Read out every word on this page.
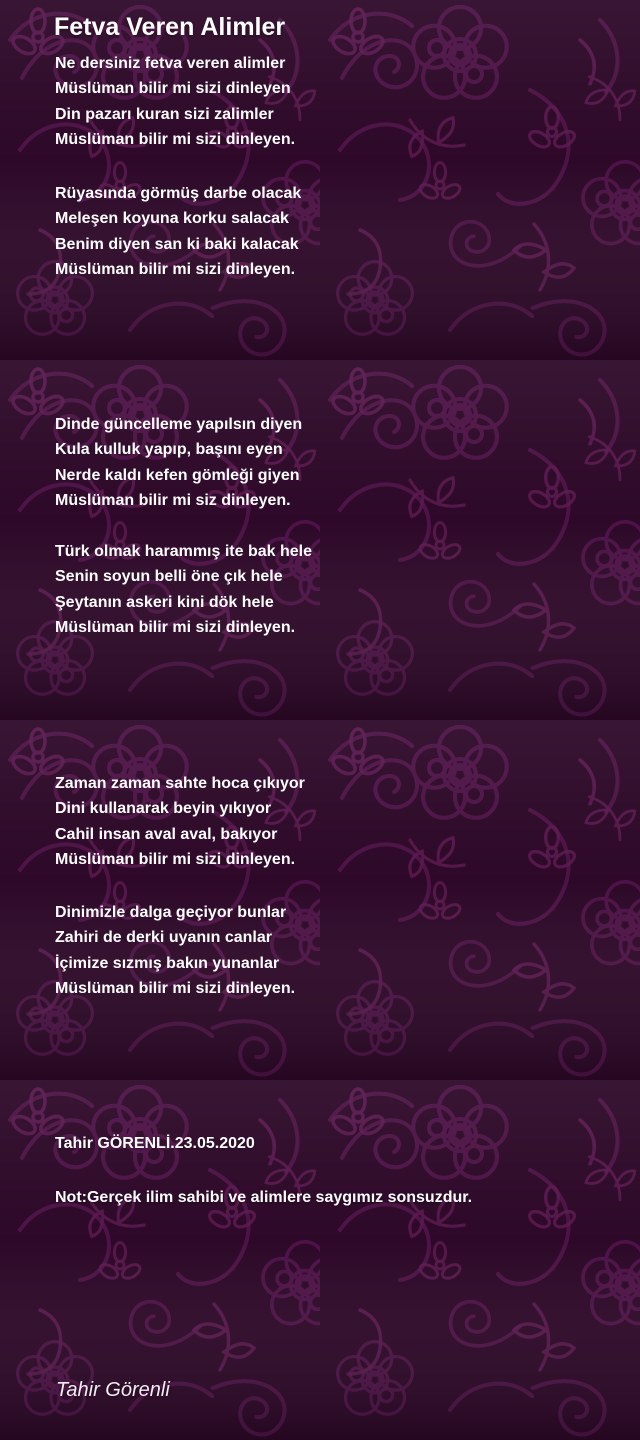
Fetva Veren Alimler
Ne dersiniz fetva veren alimler
Müslüman bilir mi sizi dinleyen
Din pazarı kuran sizi zalimler
Müslüman bilir mi sizi dinleyen.
Rüyasında görmüş darbe olacak
Meleşen koyuna korku salacak
Benim diyen san ki baki kalacak
Müslüman bilir mi sizi dinleyen.
Dinde güncelleme yapılsın diyen
Kula kulluk yapıp, başını eyen
Nerde kaldı kefen gömleği giyen
Müslüman bilir mi siz dinleyen.
Türk olmak harammış ite bak hele
Senin soyun belli öne çık hele
Şeytanın askeri kini dök hele
Müslüman bilir mi sizi dinleyen.
Zaman zaman sahte hoca çıkıyor
Dini kullanarak beyin yıkıyor
Cahil insan aval aval, bakıyor
Müslüman bilir mi sizi dinleyen.
Dinimizle dalga geçiyor bunlar
Zahiri de derki uyanın canlar
İçimize sızmış bakın yunanlar
Müslüman bilir mi sizi dinleyen.
Tahir GÖRENLİ.23.05.2020
Not:Gerçek ilim sahibi ve alimlere saygımız sonsuzdur.
Tahir Görenli
